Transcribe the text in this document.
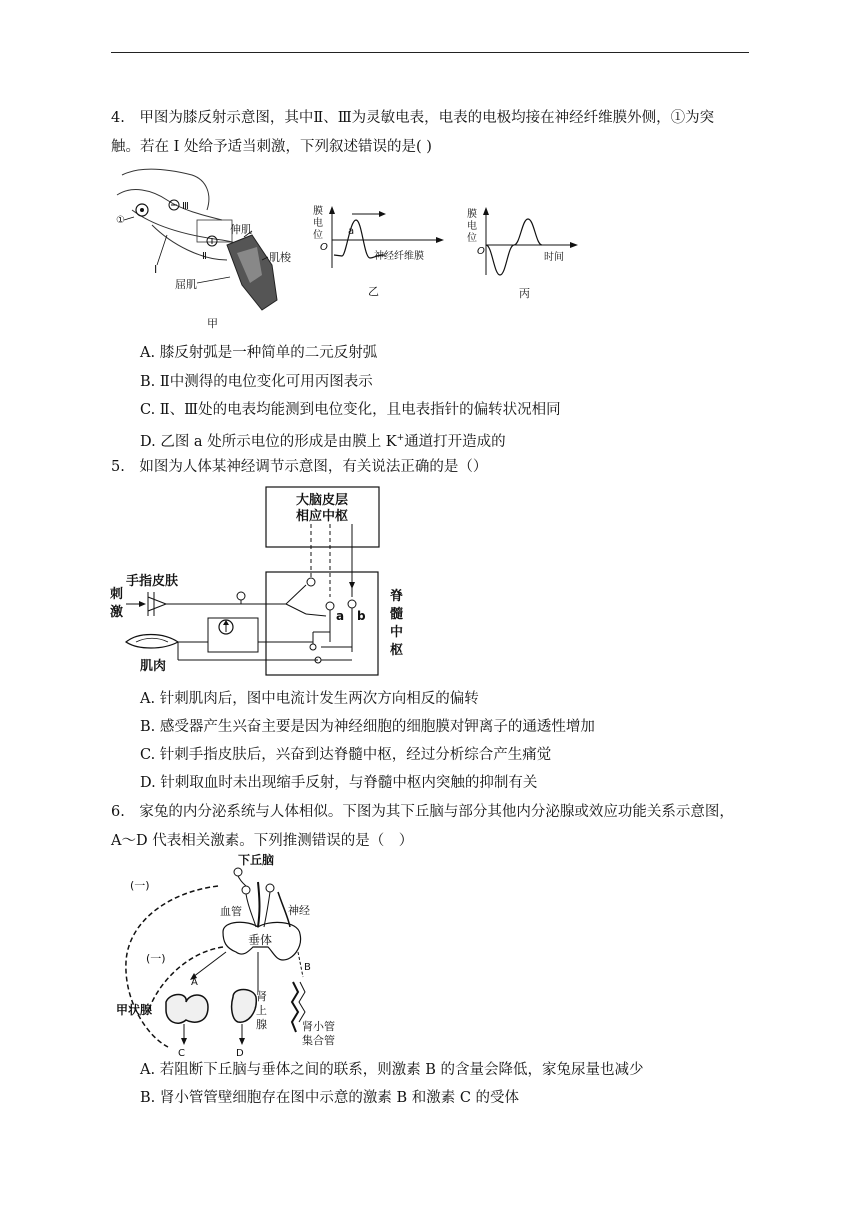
4.　甲图为膝反射示意图，其中Ⅱ、Ⅲ为灵敏电表，电表的电极均接在神经纤维膜外侧，①为突
触。若在 I 处给予适当刺激，下列叙述错误的是( )
①
I
Ⅱ
Ⅲ
伸肌
肌梭
屈肌
甲
膜
电
位
O
a
神经纤维膜
乙
膜
电
位
O
时间
丙
A. 膝反射弧是一种简单的二元反射弧
B. Ⅱ中测得的电位变化可用丙图表示
C. Ⅱ、Ⅲ处的电表均能测到电位变化，且电表指针的偏转状况相同
D. 乙图 a 处所示电位的形成是由膜上 K+通道打开造成的
5.　如图为人体某神经调节示意图，有关说法正确的是（）
大脑皮层
相应中枢
a b
脊
髓
中
枢
手指皮肤
刺
激
肌肉
A. 针刺肌肉后，图中电流计发生两次方向相反的偏转
B. 感受器产生兴奋主要是因为神经细胞的细胞膜对钾离子的通透性增加
C. 针刺手指皮肤后，兴奋到达脊髓中枢，经过分析综合产生痛觉
D. 针刺取血时未出现缩手反射，与脊髓中枢内突触的抑制有关
6.　家兔的内分泌系统与人体相似。下图为其下丘脑与部分其他内分泌腺或效应功能关系示意图，
A～D 代表相关激素。下列推测错误的是（　）
下丘脑
血管	神经
垂体
(一)
(一)
A
甲状腺
C
肾
上
腺
D
B
肾小管
集合管
A. 若阻断下丘脑与垂体之间的联系，则激素 B 的含量会降低，家兔尿量也减少
B. 肾小管管壁细胞存在图中示意的激素 B 和激素 C 的受体
